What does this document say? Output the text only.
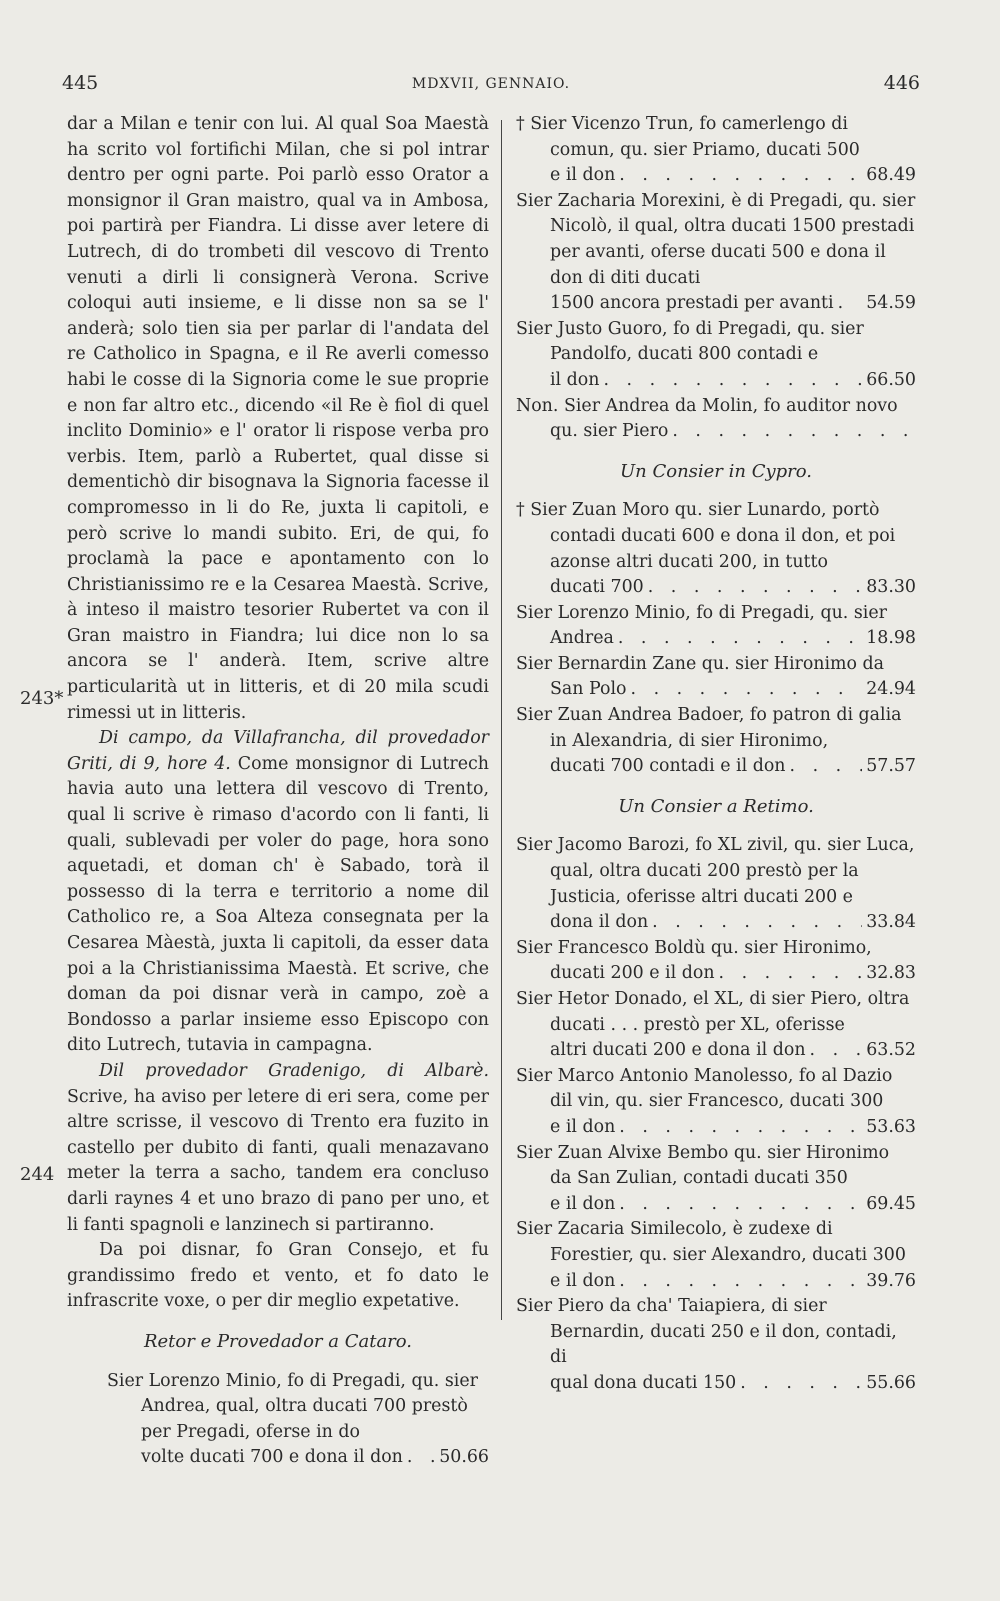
445	MDXVII, GENNAIO.	446

dar a Milan e tenir con lui. Al qual Soa Maestà ha scrito vol fortifichi Milan, che si pol intrar dentro per ogni parte. Poi parlò esso Orator a monsignor il Gran maistro, qual va in Ambosa, poi partirà per Fiandra. Li disse aver letere di Lutrech, di do trombeti dil vescovo di Trento venuti a dirli li consignerà Verona. Scrive coloqui auti insieme, e li disse non sa se l' anderà; solo tien sia per parlar di l'andata del re Catholico in Spagna, e il Re averli comesso habi le cosse di la Signoria come le sue proprie e non far altro etc., dicendo «il Re è fiol di quel inclito Dominio» e l' orator li rispose verba pro verbis. Item, parlò a Rubertet, qual disse si dementichò dir bisognava la Signoria facesse il compromesso in li do Re, juxta li capitoli, e però scrive lo mandi subito. Eri, de qui, fo proclamà la pace e apontamento con lo Christianissimo re e la Cesarea Maestà. Scrive, à inteso il maistro tesorier Rubertet va con il Gran maistro in Fiandra; lui dice non lo sa ancora se l' anderà. Item, scrive altre particularità ut in litteris, et di 20 mila scudi rimessi ut in litteris.

Di campo, da Villafrancha, dil provedador Griti, di 9, hore 4. Come monsignor di Lutrech havia auto una lettera dil vescovo di Trento, qual li scrive è rimaso d'acordo con li fanti, li quali, sublevadi per voler do page, hora sono aquetadi, et doman ch' è Sabado, torà il possesso di la terra e territorio a nome dil Catholico re, a Soa Alteza consegnata per la Cesarea Màestà, juxta li capitoli, da esser data poi a la Christianissima Maestà. Et scrive, che doman da poi disnar verà in campo, zoè a Bondosso a parlar insieme esso Episcopo con dito Lutrech, tutavia in campagna.

Dil provedador Gradenigo, di Albarè. Scrive, ha aviso per letere di eri sera, come per altre scrisse, il vescovo di Trento era fuzito in castello per dubito di fanti, quali menazavano meter la terra a sacho, tandem era concluso darli raynes 4 et uno brazo di pano per uno, et li fanti spagnoli e lanzinech si partiranno.

Da poi disnar, fo Gran Consejo, et fu grandissimo fredo et vento, et fo dato le infrascrite voxe, o per dir meglio expetative.

Retor e Provedador a Cataro.

Sier Lorenzo Minio, fo di Pregadi, qu. sier Andrea, qual, oltra ducati 700 prestò per Pregadi, oferse in do

volte ducati 700 e dona il don . . . 50.66
243*
244

† Sier Vicenzo Trun, fo camerlengo di comun, qu. sier Priamo, ducati 500

e il don . . .	68.49

Sier Zacharia Morexini, è di Pregadi, qu. sier Nicolò, il qual, oltra ducati 1500 prestadi per avanti, oferse ducati 500 e dona il don di diti ducati

1500 ancora prestadi per avanti . . . 54.59

Sier Justo Guoro, fo di Pregadi, qu. sier Pandolfo, ducati 800 contadi e

il don . . .	66.50

Non. Sier Andrea da Molin, fo auditor novo

qu. sier Piero
. . .
Un Consier in Cypro.

† Sier Zuan Moro qu. sier Lunardo, portò contadi ducati 600 e dona il don, et poi azonse altri ducati 200, in tutto

ducati 700 . . .	83.30

Sier Lorenzo Minio, fo di Pregadi, qu. sier

Andrea . . .	18.98

Sier Bernardin Zane qu. sier Hironimo da

San Polo . . .	24.94

Sier Zuan Andrea Badoer, fo patron di galia in Alexandria, di sier Hironimo,

ducati 700 contadi e il don . . .	57.57
Un Consier a Retimo.

Sier Jacomo Barozi, fo XL zivil, qu. sier Luca, qual, oltra ducati 200 prestò per la Justicia, oferisse altri ducati 200 e

dona il don . . .	33.84

Sier Francesco Boldù qu. sier Hironimo,

ducati 200 e il don . . .	32.83

Sier Hetor Donado, el XL, di sier Piero, oltra ducati . . . prestò per XL, oferisse

altri ducati 200 e dona il don . . .	63.52

Sier Marco Antonio Manolesso, fo al Dazio dil vin, qu. sier Francesco, ducati 300

e il don . . .	53.63

Sier Zuan Alvixe Bembo qu. sier Hironimo da San Zulian, contadi ducati 350

e il don . . .	69.45

Sier Zacaria Similecolo, è zudexe di Forestier, qu. sier Alexandro, ducati 300

e il don . . .	39.76

Sier Piero da cha' Taiapiera, di sier Bernardin, ducati 250 e il don, contadi, di

qual dona ducati 150 . . .	55.66
